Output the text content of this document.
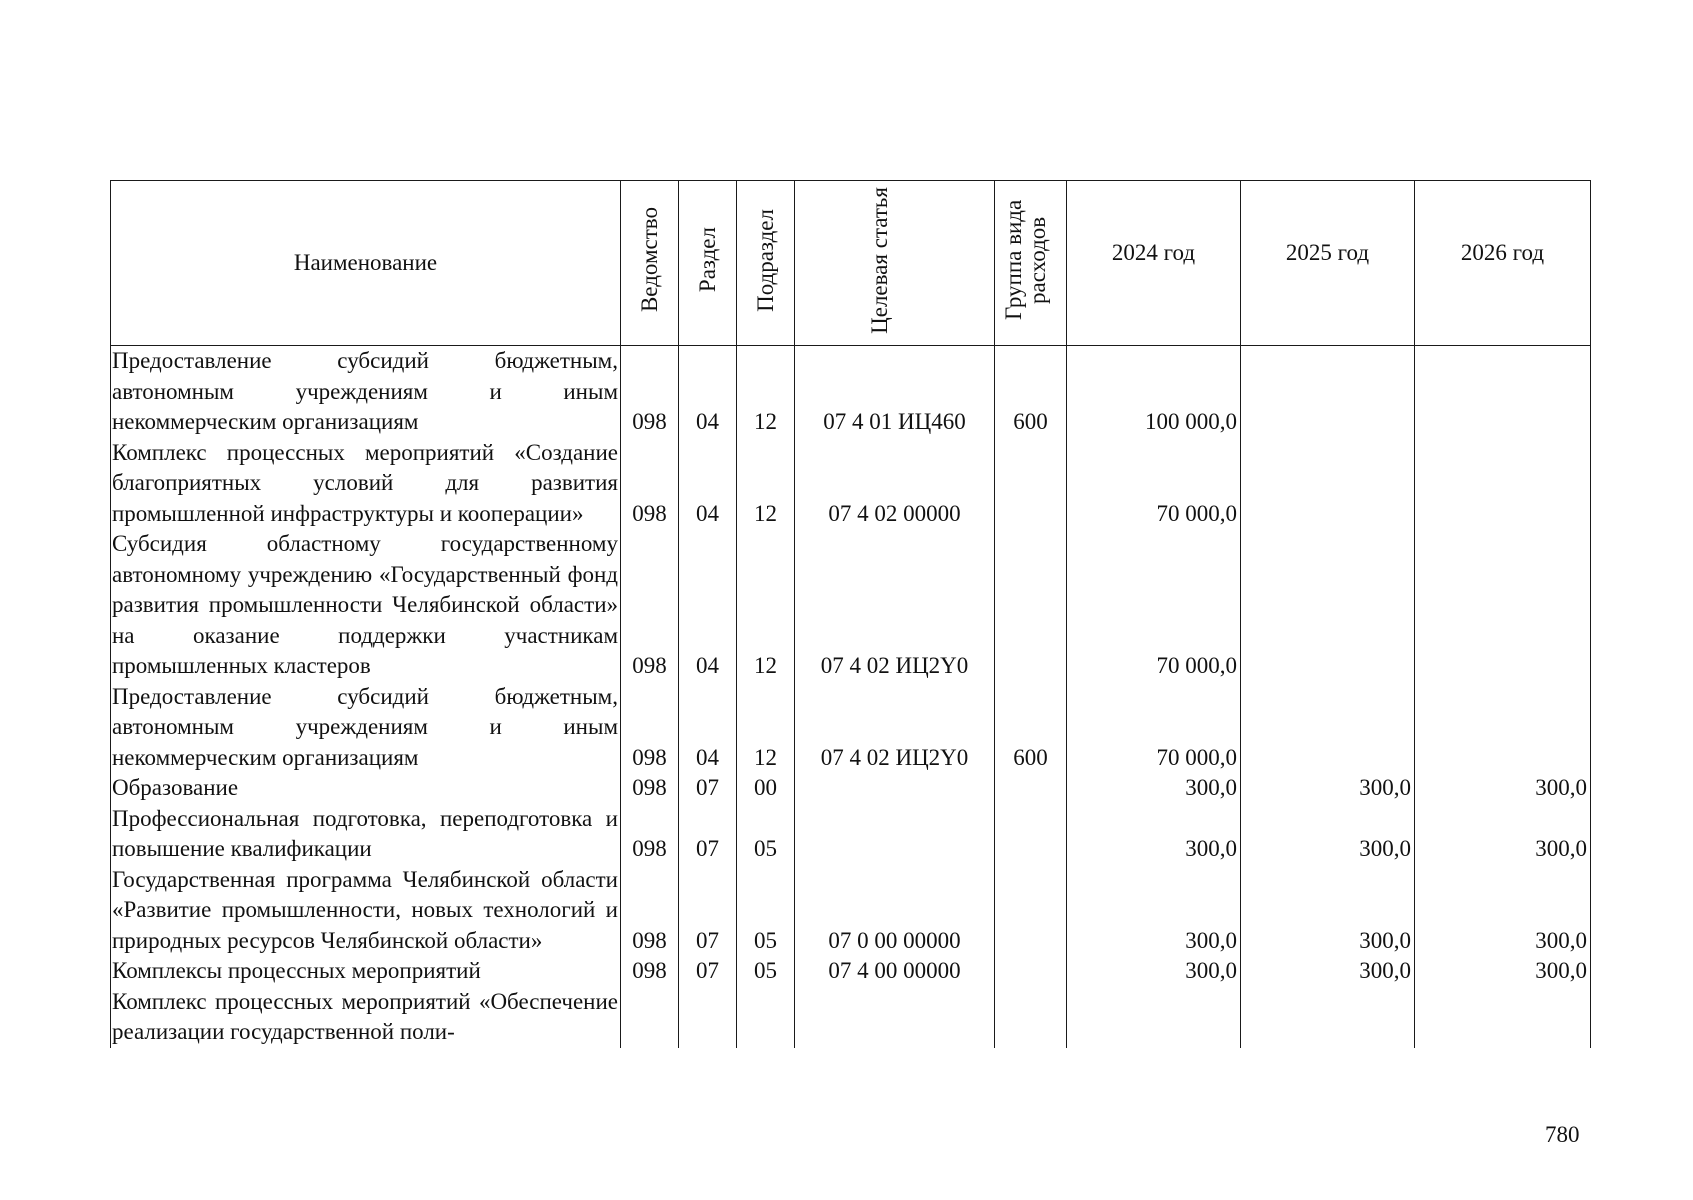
Наименование	Ведомство	Раздел	Подраздел	Целевая статья	Группа вида расходов	2024 год	2025 год	2026 год
Предоставление субсидий бюджетным, автономным учреждениям и иным некоммерческим организациям	098	04	12	07 4 01 ИЦ460	600	100 000,0		
Комплекс процессных мероприятий «Создание благоприятных условий для развития промышленной инфраструктуры и кооперации»	098	04	12	07 4 02 00000		70 000,0		
Субсидия областному государственному автономному учреждению «Государственный фонд развития промышленности Челябинской области» на оказание поддержки участникам промышленных кластеров	098	04	12	07 4 02 ИЦ2Y0		70 000,0		
Предоставление субсидий бюджетным, автономным учреждениям и иным некоммерческим организациям	098	04	12	07 4 02 ИЦ2Y0	600	70 000,0		
Образование	098	07	00			300,0	300,0	300,0
Профессиональная подготовка, переподготовка и повышение квалификации	098	07	05			300,0	300,0	300,0
Государственная программа Челябинской области «Развитие промышленности, новых технологий и природных ресурсов Челябинской области»	098	07	05	07 0 00 00000		300,0	300,0	300,0
Комплексы процессных мероприятий	098	07	05	07 4 00 00000		300,0	300,0	300,0
Комплекс процессных мероприятий «Обеспечение реализации государственной поли-								
780
